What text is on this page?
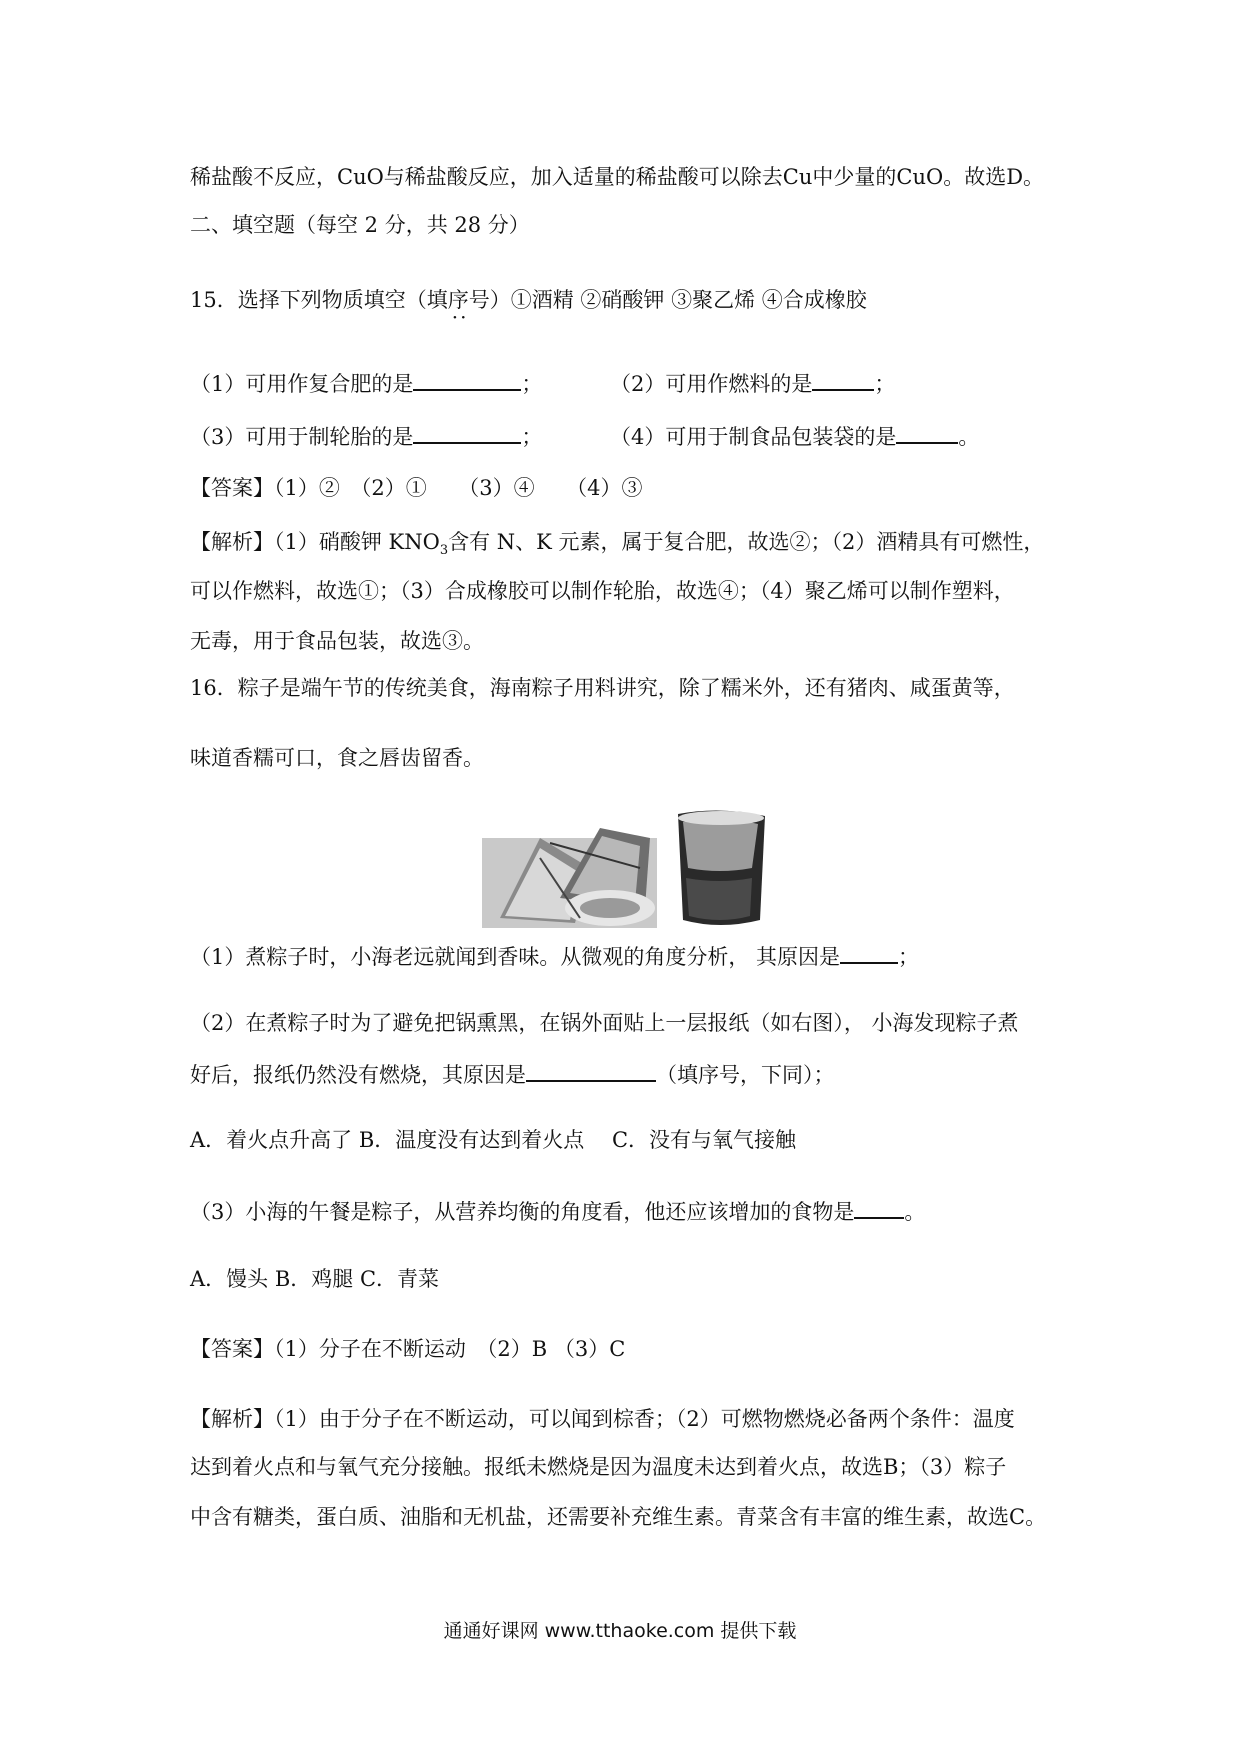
稀盐酸不反应，CuO与稀盐酸反应，加入适量的稀盐酸可以除去Cu中少量的CuO。故选D。
二、填空题（每空 2 分，共 28 分）
15．选择下列物质填空（填序号 ··）①酒精 ②硝酸钾 ③聚乙烯 ④合成橡胶
（1）可用作复合肥的是	；	（2）可用作燃料的是	；
（3）可用于制轮胎的是	；	（4）可用于制食品包装袋的是	。
【答案】（1）②　（2）①　　（3）④　　（4）③
【解析】（1）硝酸钾 $KNO_3$含有 N、K 元素，属于复合肥，故选②；（2）酒精具有可燃性，
可以作燃料，故选①；（3）合成橡胶可以制作轮胎，故选④；（4）聚乙烯可以制作塑料，
无毒，用于食品包装，故选③。
16．粽子是端午节的传统美食，海南粽子用料讲究，除了糯米外，还有猪肉、咸蛋黄等，
味道香糯可口，食之唇齿留香。
（1）煮粽子时，小海老远就闻到香味。从微观的角度分析， 其原因是	；
（2）在煮粽子时为了避免把锅熏黑，在锅外面贴上一层报纸（如右图）， 小海发现粽子煮
好后，报纸仍然没有燃烧，其原因是	（填序号，下同）；
A．着火点升高了 B．温度没有达到着火点　 C．没有与氧气接触
（3）小海的午餐是粽子，从营养均衡的角度看，他还应该增加的食物是 。
A．馒头 B．鸡腿 C．青菜
【答案】（1）分子在不断运动　（2）B （3）C
【解析】（1）由于分子在不断运动，可以闻到棕香；（2）可燃物燃烧必备两个条件：温度
达到着火点和与氧气充分接触。报纸未燃烧是因为温度未达到着火点，故选B；（3）粽子
中含有糖类，蛋白质、油脂和无机盐，还需要补充维生素。青菜含有丰富的维生素，故选C。
通通好课网 www.tthaoke.com 提供下载
